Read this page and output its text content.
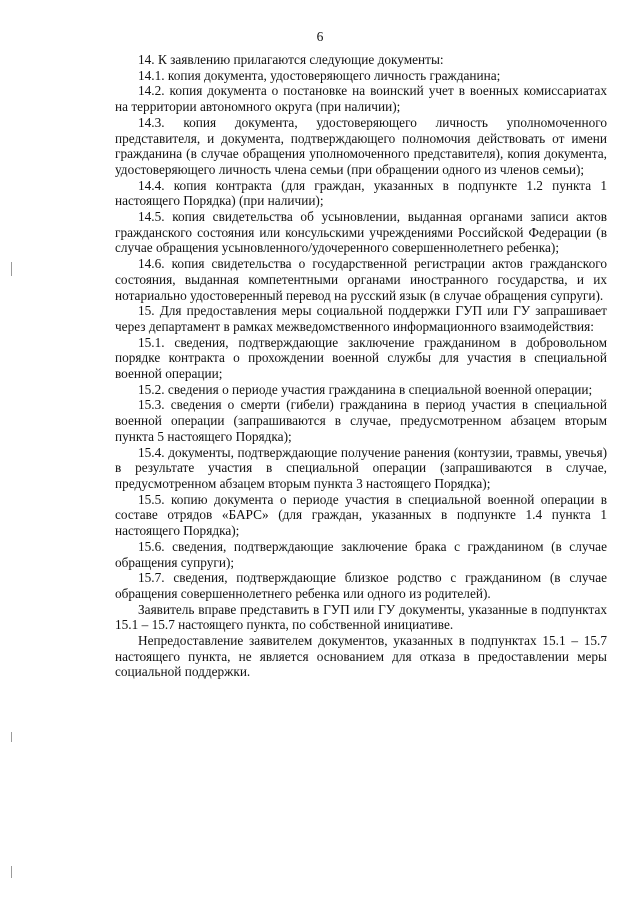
6

14. К заявлению прилагаются следующие документы:

14.1. копия документа, удостоверяющего личность гражданина;

14.2. копия документа о постановке на воинский учет в военных комиссариатах на территории автономного округа (при наличии);

14.3. копия документа, удостоверяющего личность уполномоченного представителя, и документа, подтверждающего полномочия действовать от имени гражданина (в случае обращения уполномоченного представителя), копия документа, удостоверяющего личность члена семьи (при обращении одного из членов семьи);

14.4. копия контракта (для граждан, указанных в подпункте 1.2 пункта 1 настоящего Порядка) (при наличии);

14.5. копия свидетельства об усыновлении, выданная органами записи актов гражданского состояния или консульскими учреждениями Российской Федерации (в случае обращения усыновленного/удочеренного совершеннолетнего ребенка);

14.6. копия свидетельства о государственной регистрации актов гражданского состояния, выданная компетентными органами иностранного государства, и их нотариально удостоверенный перевод на русский язык (в случае обращения супруги).

15. Для предоставления меры социальной поддержки ГУП или ГУ запрашивает через департамент в рамках межведомственного информационного взаимодействия:

15.1. сведения, подтверждающие заключение гражданином в добровольном порядке контракта о прохождении военной службы для участия в специальной военной операции;

15.2. сведения о периоде участия гражданина в специальной военной операции;

15.3. сведения о смерти (гибели) гражданина в период участия в специальной военной операции (запрашиваются в случае, предусмотренном абзацем вторым пункта 5 настоящего Порядка);

15.4. документы, подтверждающие получение ранения (контузии, травмы, увечья) в результате участия в специальной операции (запрашиваются в случае, предусмотренном абзацем вторым пункта 3 настоящего Порядка);

15.5. копию документа о периоде участия в специальной военной операции в составе отрядов «БАРС» (для граждан, указанных в подпункте 1.4 пункта 1 настоящего Порядка);

15.6. сведения, подтверждающие заключение брака с гражданином (в случае обращения супруги);

15.7. сведения, подтверждающие близкое родство с гражданином (в случае обращения совершеннолетнего ребенка или одного из родителей).

Заявитель вправе представить в ГУП или ГУ документы, указанные в подпунктах 15.1 – 15.7 настоящего пункта, по собственной инициативе.

Непредоставление заявителем документов, указанных в подпунктах 15.1 – 15.7 настоящего пункта, не является основанием для отказа в предоставлении меры социальной поддержки.
